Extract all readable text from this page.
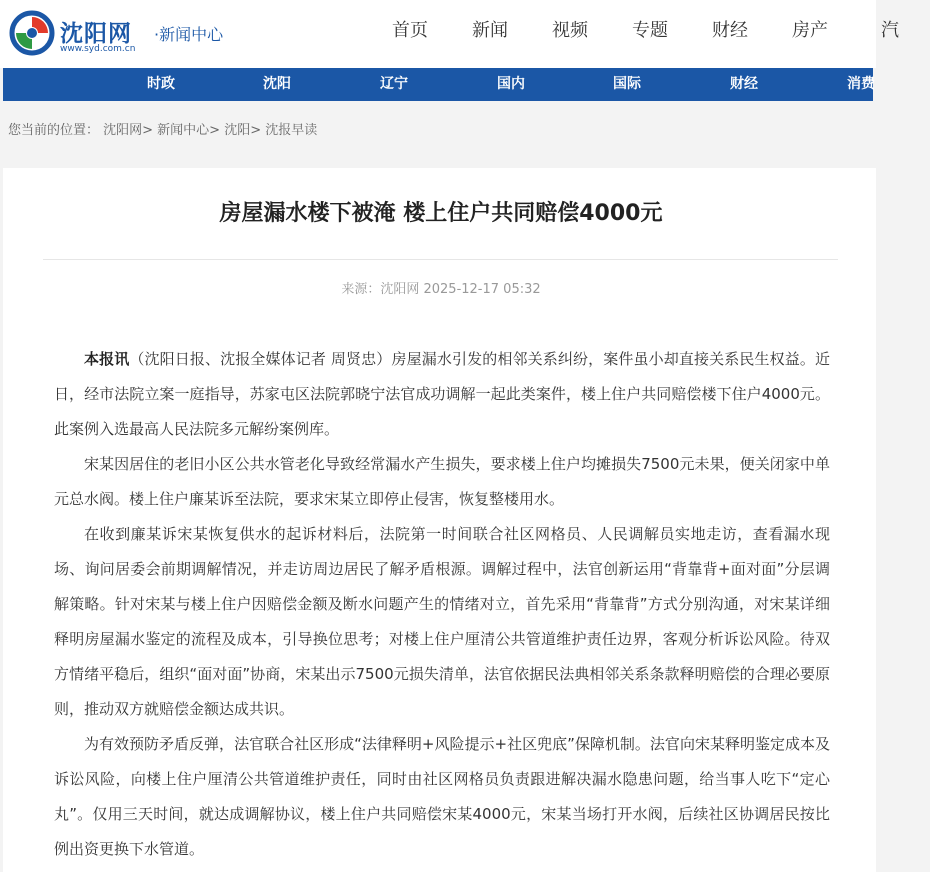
沈阳网 ·新闻中心
www.syd.com.cn
首页	新闻	视频	专题	财经	房产	汽
时政	沈阳	辽宁	国内	国际	财经	消费
您当前的位置： 沈阳网> 新闻中心> 沈阳> 沈报早读
房屋漏水楼下被淹 楼上住户共同赔偿4000元
来源：沈阳网 2025-12-17 05:32

本报讯（沈阳日报、沈报全媒体记者 周贤忠）房屋漏水引发的相邻关系纠纷，案件虽小却直接关系民生权益。近日，经市法院立案一庭指导，苏家屯区法院郭晓宁法官成功调解一起此类案件，楼上住户共同赔偿楼下住户4000元。此案例入选最高人民法院多元解纷案例库。

宋某因居住的老旧小区公共水管老化导致经常漏水产生损失，要求楼上住户均摊损失7500元未果，便关闭家中单元总水阀。楼上住户廉某诉至法院，要求宋某立即停止侵害，恢复整楼用水。

在收到廉某诉宋某恢复供水的起诉材料后，法院第一时间联合社区网格员、人民调解员实地走访，查看漏水现场、询问居委会前期调解情况，并走访周边居民了解矛盾根源。调解过程中，法官创新运用“背靠背+面对面”分层调解策略。针对宋某与楼上住户因赔偿金额及断水问题产生的情绪对立，首先采用“背靠背”方式分别沟通，对宋某详细释明房屋漏水鉴定的流程及成本，引导换位思考；对楼上住户厘清公共管道维护责任边界，客观分析诉讼风险。待双方情绪平稳后，组织“面对面”协商，宋某出示7500元损失清单，法官依据民法典相邻关系条款释明赔偿的合理必要原则，推动双方就赔偿金额达成共识。

为有效预防矛盾反弹，法官联合社区形成“法律释明+风险提示+社区兜底”保障机制。法官向宋某释明鉴定成本及诉讼风险，向楼上住户厘清公共管道维护责任，同时由社区网格员负责跟进解决漏水隐患问题，给当事人吃下“定心丸”。仅用三天时间，就达成调解协议，楼上住户共同赔偿宋某4000元，宋某当场打开水阀，后续社区协调居民按比例出资更换下水管道。
